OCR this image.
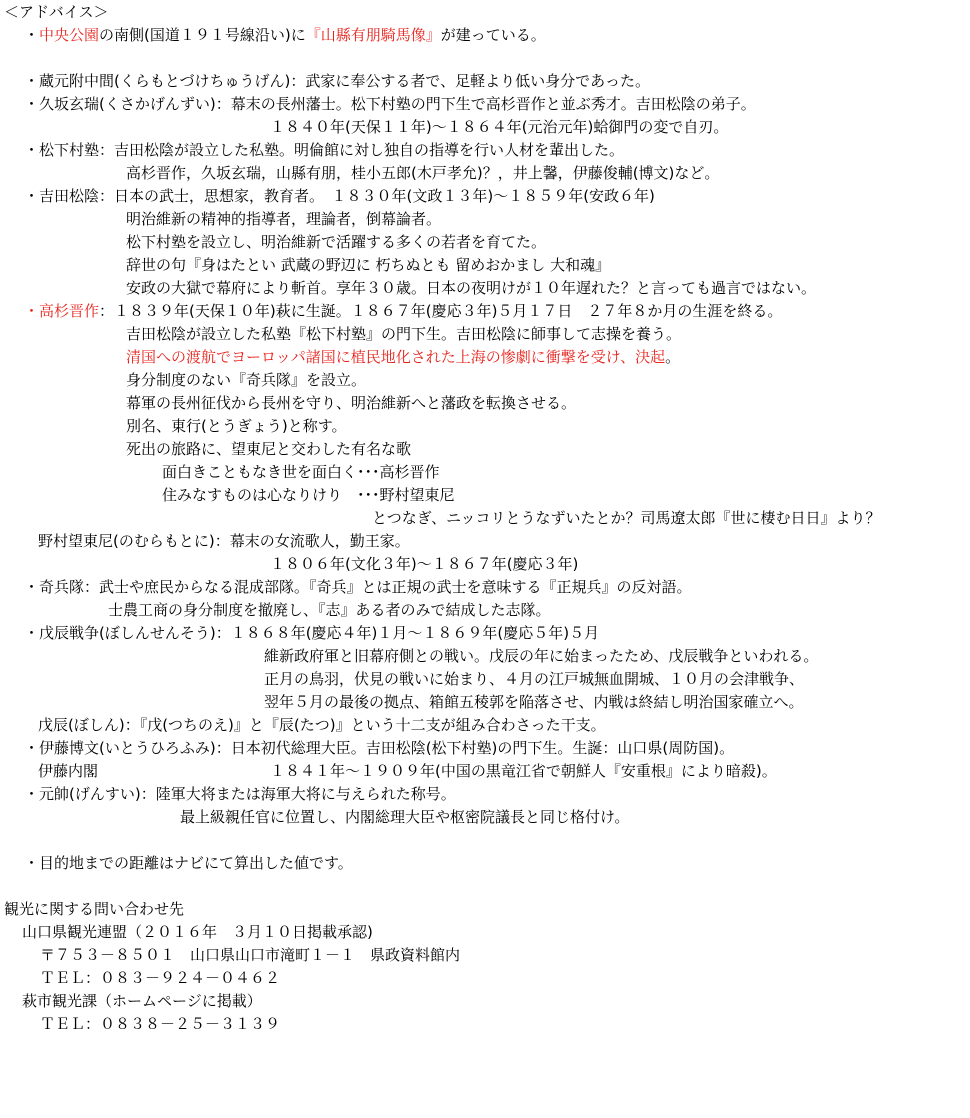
＜アドバイス＞
・中央公園の南側(国道１９１号線沿い)に『山縣有朋騎馬像』が建っている。
・蔵元附中間(くらもとづけちゅうげん)：武家に奉公する者で、足軽より低い身分であった。
・久坂玄瑞(くさかげんずい)：幕末の長州藩士。松下村塾の門下生で高杉晋作と並ぶ秀才。吉田松陰の弟子。
１８４０年(天保１１年)～１８６４年(元治元年)蛤御門の変で自刃。
・松下村塾：吉田松陰が設立した私塾。明倫館に対し独自の指導を行い人材を輩出した。
高杉晋作，久坂玄瑞，山縣有朋，桂小五郎(木戸孝允)？，井上馨，伊藤俊輔(博文)など。
・吉田松陰：日本の武士，思想家，教育者。　１８３０年(文政１３年)～１８５９年(安政６年)
明治維新の精神的指導者，理論者，倒幕論者。
松下村塾を設立し、明治維新で活躍する多くの若者を育てた。
辞世の句『身はたとい 武蔵の野辺に 朽ちぬとも 留めおかまし 大和魂』
安政の大獄で幕府により斬首。享年３０歳。日本の夜明けが１０年遅れた？と言っても過言ではない。
・高杉晋作：１８３９年(天保１０年)萩に生誕。１８６７年(慶応３年)５月１７日　２７年８か月の生涯を終る。
吉田松陰が設立した私塾『松下村塾』の門下生。吉田松陰に師事して志操を養う。
清国への渡航でヨーロッパ諸国に植民地化された上海の惨劇に衝撃を受け、決起。
身分制度のない『奇兵隊』を設立。
幕軍の長州征伐から長州を守り、明治維新へと藩政を転換させる。
別名、東行(とうぎょう)と称す。
死出の旅路に、望東尼と交わした有名な歌
面白きこともなき世を面白く･･･高杉晋作
住みなすものは心なりけり　･･･野村望東尼
とつなぎ、ニッコリとうなずいたとか？司馬遼太郎『世に棲む日日』より？
野村望東尼(のむらもとに)：幕末の女流歌人，勤王家。
１８０６年(文化３年)～１８６７年(慶応３年)
・奇兵隊：武士や庶民からなる混成部隊。『奇兵』とは正規の武士を意味する『正規兵』の反対語。
士農工商の身分制度を撤廃し、『志』ある者のみで結成した志隊。
・戊辰戦争(ぼしんせんそう)：１８６８年(慶応４年)１月～１８６９年(慶応５年)５月
維新政府軍と旧幕府側との戦い。戊辰の年に始まったため、戊辰戦争といわれる。
正月の鳥羽，伏見の戦いに始まり、４月の江戸城無血開城、１０月の会津戦争、
翌年５月の最後の拠点、箱館五稜郭を陥落させ、内戦は終結し明治国家確立へ。
戊辰(ぼしん)：『戊(つちのえ)』と『辰(たつ)』という十二支が組み合わさった干支。
・伊藤博文(いとうひろふみ)：日本初代総理大臣。吉田松陰(松下村塾)の門下生。生誕：山口県(周防国)。
伊藤内閣	１８４１年～１９０９年(中国の黒竜江省で朝鮮人『安重根』により暗殺)。
・元帥(げんすい)：陸軍大将または海軍大将に与えられた称号。
最上級親任官に位置し、内閣総理大臣や枢密院議長と同じ格付け。
・目的地までの距離はナビにて算出した値です。
観光に関する問い合わせ先
山口県観光連盟（２０１６年　３月１０日掲載承認)
〒７５３－８５０１　山口県山口市滝町１－１　県政資料館内
ＴＥＬ：０８３－９２４－０４６２
萩市観光課（ホームページに掲載）
ＴＥＬ：０８３８－２５－３１３９
